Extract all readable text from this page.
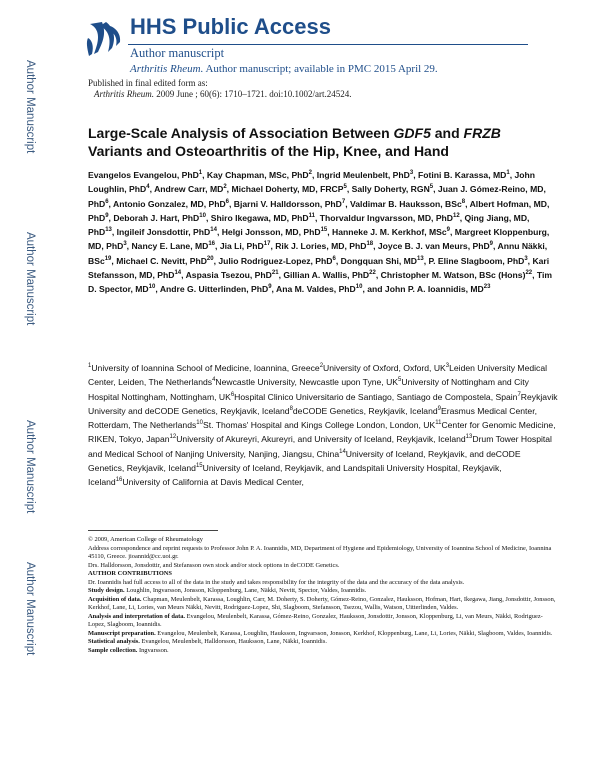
Author Manuscript
Author Manuscript
Author Manuscript
Author Manuscript
HHS Public Access
Author manuscript
Arthritis Rheum. Author manuscript; available in PMC 2015 April 29.
Published in final edited form as:
Arthritis Rheum. 2009 June ; 60(6): 1710–1721. doi:10.1002/art.24524.
Large-Scale Analysis of Association Between GDF5 and FRZB Variants and Osteoarthritis of the Hip, Knee, and Hand
Evangelos Evangelou, PhD$^1$, Kay Chapman, MSc, PhD$^2$, Ingrid Meulenbelt, PhD$^3$, Fotini B. Karassa, $MD^1$, John Loughlin, PhD$^4$, Andrew Carr, $MD^2$, Michael Doherty, MD, FRCP$^5$, Sally Doherty, RGN$^5$, Juan J. Gómez-Reino, MD, PhD$^6$, Antonio Gonzalez, MD, PhD$^6$, Bjarni V. Halldorsson, PhD$^7$, Valdimar B. Hauksson, BSc$^8$, Albert Hofman, MD, PhD$^9$, Deborah J. Hart, PhD$^{10}$, Shiro Ikegawa, MD, PhD$^{11}$, Thorvaldur Ingvarsson, MD, PhD$^{12}$, Qing Jiang, MD, PhD$^{13}$, Ingileif Jonsdottir, PhD$^{14}$, Helgi Jonsson, MD, PhD$^{15}$, Hanneke J. M. Kerkhof, MSc$^9$, Margreet Kloppenburg, MD, PhD$^3$, Nancy E. Lane, MD$^{16}$, Jia Li, PhD$^{17}$, Rik J. Lories, MD, PhD$^{18}$, Joyce B. J. van Meurs, PhD$^9$, Annu Näkki, BSc$^{19}$, Michael C. Nevitt, PhD$^{20}$, Julio Rodriguez-Lopez, PhD$^6$, Dongquan Shi, MD$^{13}$, P. Eline Slagboom, PhD$^3$, Kari Stefansson, MD, PhD$^{14}$, Aspasia Tsezou, PhD$^{21}$, Gillian A. Wallis, PhD$^{22}$, Christopher M. Watson, BSc (Hons)$^{22}$, Tim D. Spector, MD$^{10}$, Andre G. Uitterlinden, PhD$^9$, Ana M. Valdes, PhD$^{10}$, and John P. A. Ioannidis, MD$^{23}$
$^1$University of Ioannina School of Medicine, Ioannina, Greece$^2$University of Oxford, Oxford, $UK^3Leiden$ University Medical Center, Leiden, The Netherlands$^4$Newcastle University, Newcastle upon Tyne, $UK^5University$ of Nottingham and City Hospital Nottingham, Nottingham, $UK^6Hospital$ Clinico Universitario de Santiago, Santiago de Compostela, Spain$^7$Reykjavik University and deCODE Genetics, Reykjavik, Iceland$^8$deCODE Genetics, Reykjavik, Iceland$^9$Erasmus Medical Center, Rotterdam, The Netherlands$^{10}$St. Thomas' Hospital and Kings College London, London, UK$^{11}$Center for Genomic Medicine, RIKEN, Tokyo, Japan$^{12}$University of Akureyri, Akureyri, and University of Iceland, Reykjavik, Iceland$^{13}$Drum Tower Hospital and Medical School of Nanjing University, Nanjing, Jiangsu, China$^{14}$University of Iceland, Reykjavik, and deCODE Genetics, Reykjavik, Iceland$^{15}$University of Iceland, Reykjavik, and Landspitali University Hospital, Reykjavik, Iceland$^{16}$University of California at Davis Medical Center,

© 2009, American College of Rheumatology

Address correspondence and reprint requests to Professor John P. A. Ioannidis, MD, Department of Hygiene and Epidemiology, University of Ioannina School of Medicine, Ioannina 45110, Greece. jioannid@cc.uoi.gr.

Drs. Halldorsson, Jonsdottir, and Stefansson own stock and/or stock options in deCODE Genetics.

AUTHOR CONTRIBUTIONS

Dr. Ioannidis had full access to all of the data in the study and takes responsibility for the integrity of the data and the accuracy of the data analysis.

Study design. Loughlin, Ingvarsson, Jonsson, Kloppenburg, Lane, Näkki, Nevitt, Spector, Valdes, Ioannidis.

Acquisition of data. Chapman, Meulenbelt, Karassa, Loughlin, Carr, M. Doherty, S. Doherty, Gómez-Reino, Gonzalez, Hauksson, Hofman, Hart, Ikegawa, Jiang, Jonsdottir, Jonsson, Kerkhof, Lane, Li, Lories, van Meurs Näkki, Nevitt, Rodriguez-Lopez, Shi, Slagboom, Stefansson, Tsezou, Wallis, Watson, Uitterlinden, Valdes.

Analysis and interpretation of data. Evangelou, Meulenbelt, Karassa, Gómez-Reino, Gonzalez, Hauksson, Jonsdottir, Jonsson, Kloppenburg, Li, van Meurs, Näkki, Rodriguez-Lopez, Slagboom, Ioannidis.

Manuscript preparation. Evangelou, Meulenbelt, Karassa, Loughlin, Hauksson, Ingvarsson, Jonsson, Kerkhof, Kloppenburg, Lane, Li, Lories, Näkki, Slagboom, Valdes, Ioannidis.

Statistical analysis. Evangelou, Meulenbelt, Halldorsson, Hauksson, Lane, Näkki, Ioannidis.

Sample collection. Ingvarsson.
